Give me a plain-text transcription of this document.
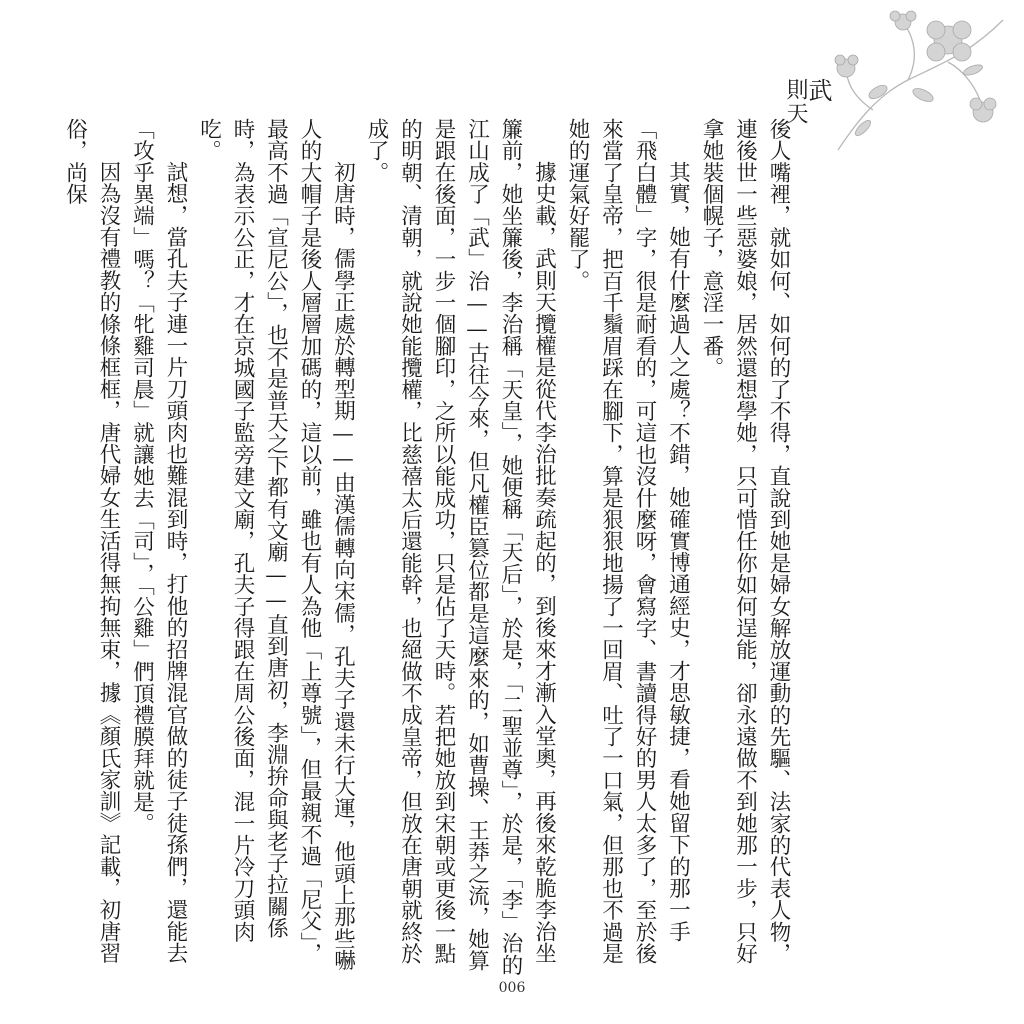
武
則天

後人嘴裡，就如何、如何的了不得，直說到她是婦女解放運動的先驅、法家的代表人物，連後世一些惡婆娘，居然還想學她，只可惜任你如何逞能，卻永遠做不到她那一步，只好拿她裝個幌子，意淫一番。

其實，她有什麼過人之處？不錯，她確實博通經史，才思敏捷，看她留下的那一手「飛白體」字，很是耐看的，可這也沒什麼呀，會寫字、書讀得好的男人太多了，至於後來當了皇帝，把百千鬚眉踩在腳下，算是狠狠地揚了一回眉、吐了一口氣，但那也不過是她的運氣好罷了。

據史載，武則天攬權是從代李治批奏疏起的，到後來才漸入堂奧，再後來乾脆李治坐簾前，她坐簾後，李治稱「天皇」，她便稱「天后」，於是，「二聖並尊」，於是，「李」治的江山成了「武」治——古往今來，但凡權臣篡位都是這麼來的，如曹操、王莽之流，她算是跟在後面，一步一個腳印，之所以能成功，只是佔了天時。若把她放到宋朝或更後一點的明朝、清朝，就說她能攬權，比慈禧太后還能幹，也絕做不成皇帝，但放在唐朝就終於成了。

初唐時，儒學正處於轉型期——由漢儒轉向宋儒，孔夫子還未行大運，他頭上那些嚇人的大帽子是後人層層加碼的，這以前，雖也有人為他「上尊號」，但最親不過「尼父」，最高不過「宣尼公」，也不是普天之下都有文廟——直到唐初，李淵拚命與老子拉關係時，為表示公正，才在京城國子監旁建文廟，孔夫子得跟在周公後面，混一片冷刀頭肉吃。

試想，當孔夫子連一片刀頭肉也難混到時，打他的招牌混官做的徒子徒孫們，還能去「攻乎異端」嗎？「牝雞司晨」就讓她去「司」，「公雞」們頂禮膜拜就是。

因為沒有禮教的條條框框，唐代婦女生活得無拘無束，據《顏氏家訓》記載，初唐習俗，尚保

006
